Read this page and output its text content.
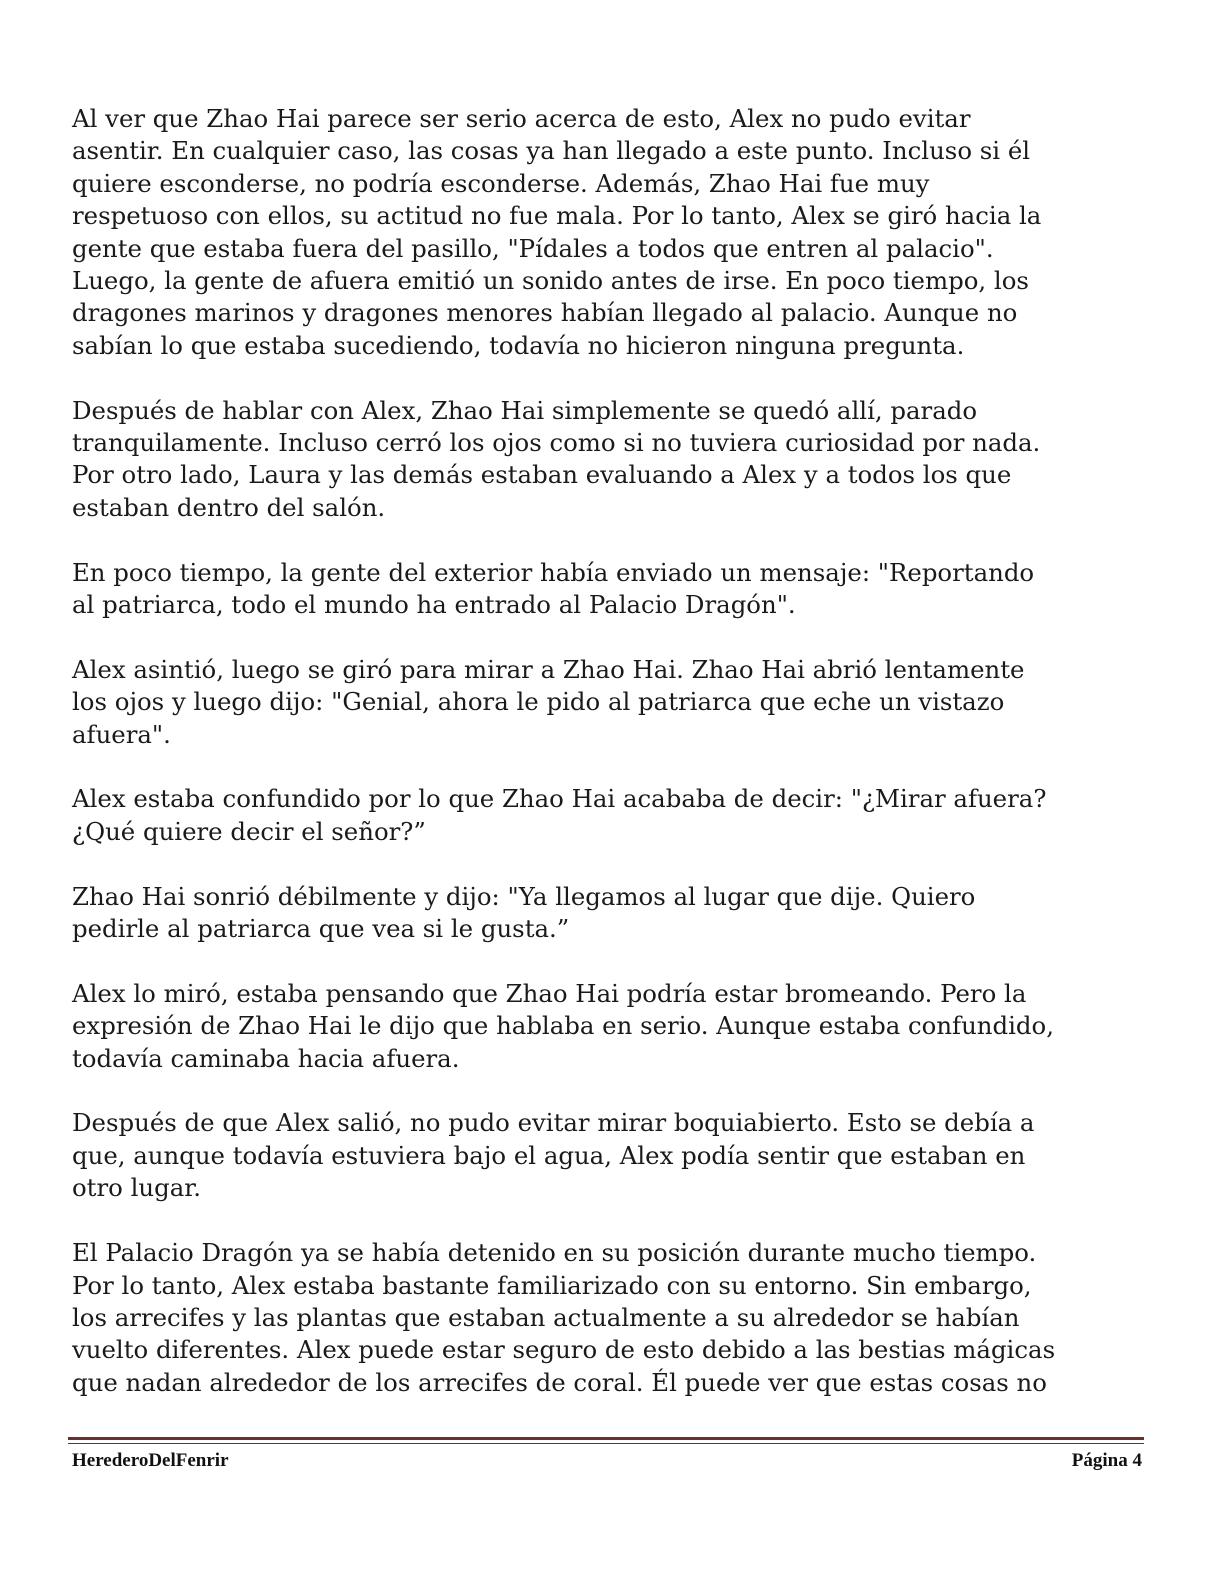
Al ver que Zhao Hai parece ser serio acerca de esto, Alex no pudo evitar
asentir. En cualquier caso, las cosas ya han llegado a este punto. Incluso si él
quiere esconderse, no podría esconderse. Además, Zhao Hai fue muy
respetuoso con ellos, su actitud no fue mala. Por lo tanto, Alex se giró hacia la
gente que estaba fuera del pasillo, "Pídales a todos que entren al palacio".
Luego, la gente de afuera emitió un sonido antes de irse. En poco tiempo, los
dragones marinos y dragones menores habían llegado al palacio. Aunque no
sabían lo que estaba sucediendo, todavía no hicieron ninguna pregunta.

Después de hablar con Alex, Zhao Hai simplemente se quedó allí, parado
tranquilamente. Incluso cerró los ojos como si no tuviera curiosidad por nada.
Por otro lado, Laura y las demás estaban evaluando a Alex y a todos los que
estaban dentro del salón.

En poco tiempo, la gente del exterior había enviado un mensaje: "Reportando
al patriarca, todo el mundo ha entrado al Palacio Dragón".

Alex asintió, luego se giró para mirar a Zhao Hai. Zhao Hai abrió lentamente
los ojos y luego dijo: "Genial, ahora le pido al patriarca que eche un vistazo
afuera".

Alex estaba confundido por lo que Zhao Hai acababa de decir: "¿Mirar afuera?
¿Qué quiere decir el señor?”

Zhao Hai sonrió débilmente y dijo: "Ya llegamos al lugar que dije. Quiero
pedirle al patriarca que vea si le gusta.”

Alex lo miró, estaba pensando que Zhao Hai podría estar bromeando. Pero la
expresión de Zhao Hai le dijo que hablaba en serio. Aunque estaba confundido,
todavía caminaba hacia afuera.

Después de que Alex salió, no pudo evitar mirar boquiabierto. Esto se debía a
que, aunque todavía estuviera bajo el agua, Alex podía sentir que estaban en
otro lugar.

El Palacio Dragón ya se había detenido en su posición durante mucho tiempo.
Por lo tanto, Alex estaba bastante familiarizado con su entorno. Sin embargo,
los arrecifes y las plantas que estaban actualmente a su alrededor se habían
vuelto diferentes. Alex puede estar seguro de esto debido a las bestias mágicas
que nadan alrededor de los arrecifes de coral. Él puede ver que estas cosas no

HerederoDelFenrir	Página 4
